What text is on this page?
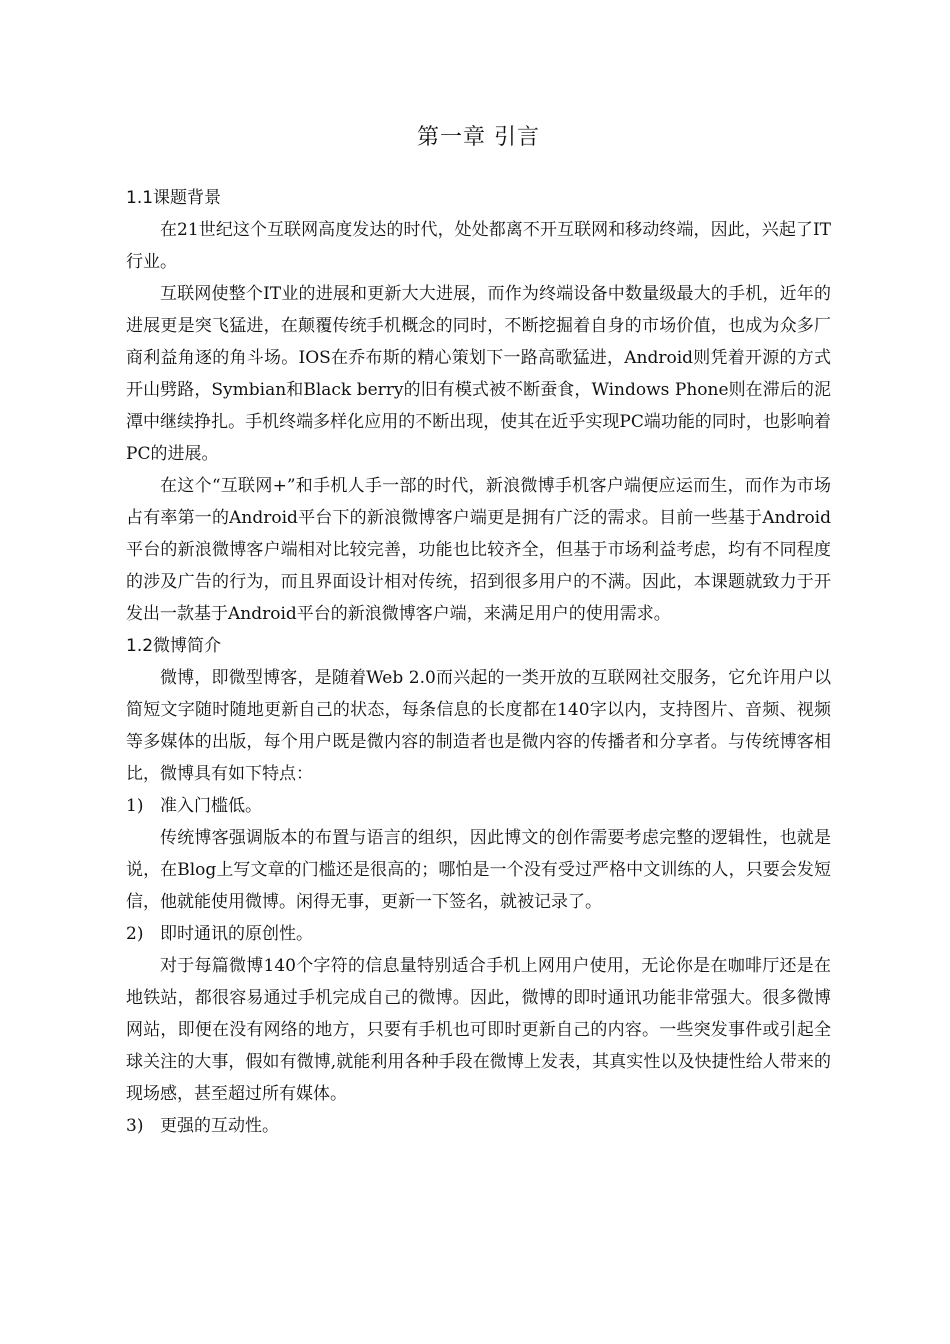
第一章 引言

1.1课题背景

在21世纪这个互联网高度发达的时代，处处都离不开互联网和移动终端，因此，兴起了IT行业。

互联网使整个IT业的进展和更新大大进展，而作为终端设备中数量级最大的手机，近年的进展更是突飞猛进，在颠覆传统手机概念的同时，不断挖掘着自身的市场价值，也成为众多厂商利益角逐的角斗场。IOS在乔布斯的精心策划下一路高歌猛进，Android则凭着开源的方式开山劈路，Symbian和Black berry的旧有模式被不断蚕食，Windows Phone则在滞后的泥潭中继续挣扎。手机终端多样化应用的不断出现，使其在近乎实现PC端功能的同时，也影响着PC的进展。

在这个“互联网+”和手机人手一部的时代，新浪微博手机客户端便应运而生，而作为市场占有率第一的Android平台下的新浪微博客户端更是拥有广泛的需求。目前一些基于Android平台的新浪微博客户端相对比较完善，功能也比较齐全，但基于市场利益考虑，均有不同程度的涉及广告的行为，而且界面设计相对传统，招到很多用户的不满。因此，本课题就致力于开发出一款基于Android平台的新浪微博客户端，来满足用户的使用需求。

1.2微博简介

微博，即微型博客，是随着Web 2.0而兴起的一类开放的互联网社交服务，它允许用户以简短文字随时随地更新自己的状态，每条信息的长度都在140字以内，支持图片、音频、视频等多媒体的出版，每个用户既是微内容的制造者也是微内容的传播者和分享者。与传统博客相比，微博具有如下特点：

1) 准入门槛低。

传统博客强调版本的布置与语言的组织，因此博文的创作需要考虑完整的逻辑性，也就是说，在Blog上写文章的门槛还是很高的；哪怕是一个没有受过严格中文训练的人，只要会发短信，他就能使用微博。闲得无事，更新一下签名，就被记录了。

2) 即时通讯的原创性。

对于每篇微博140个字符的信息量特别适合手机上网用户使用，无论你是在咖啡厅还是在地铁站，都很容易通过手机完成自己的微博。因此，微博的即时通讯功能非常强大。很多微博网站，即便在没有网络的地方，只要有手机也可即时更新自己的内容。一些突发事件或引起全球关注的大事，假如有微博,就能利用各种手段在微博上发表，其真实性以及快捷性给人带来的现场感，甚至超过所有媒体。

3) 更强的互动性。
